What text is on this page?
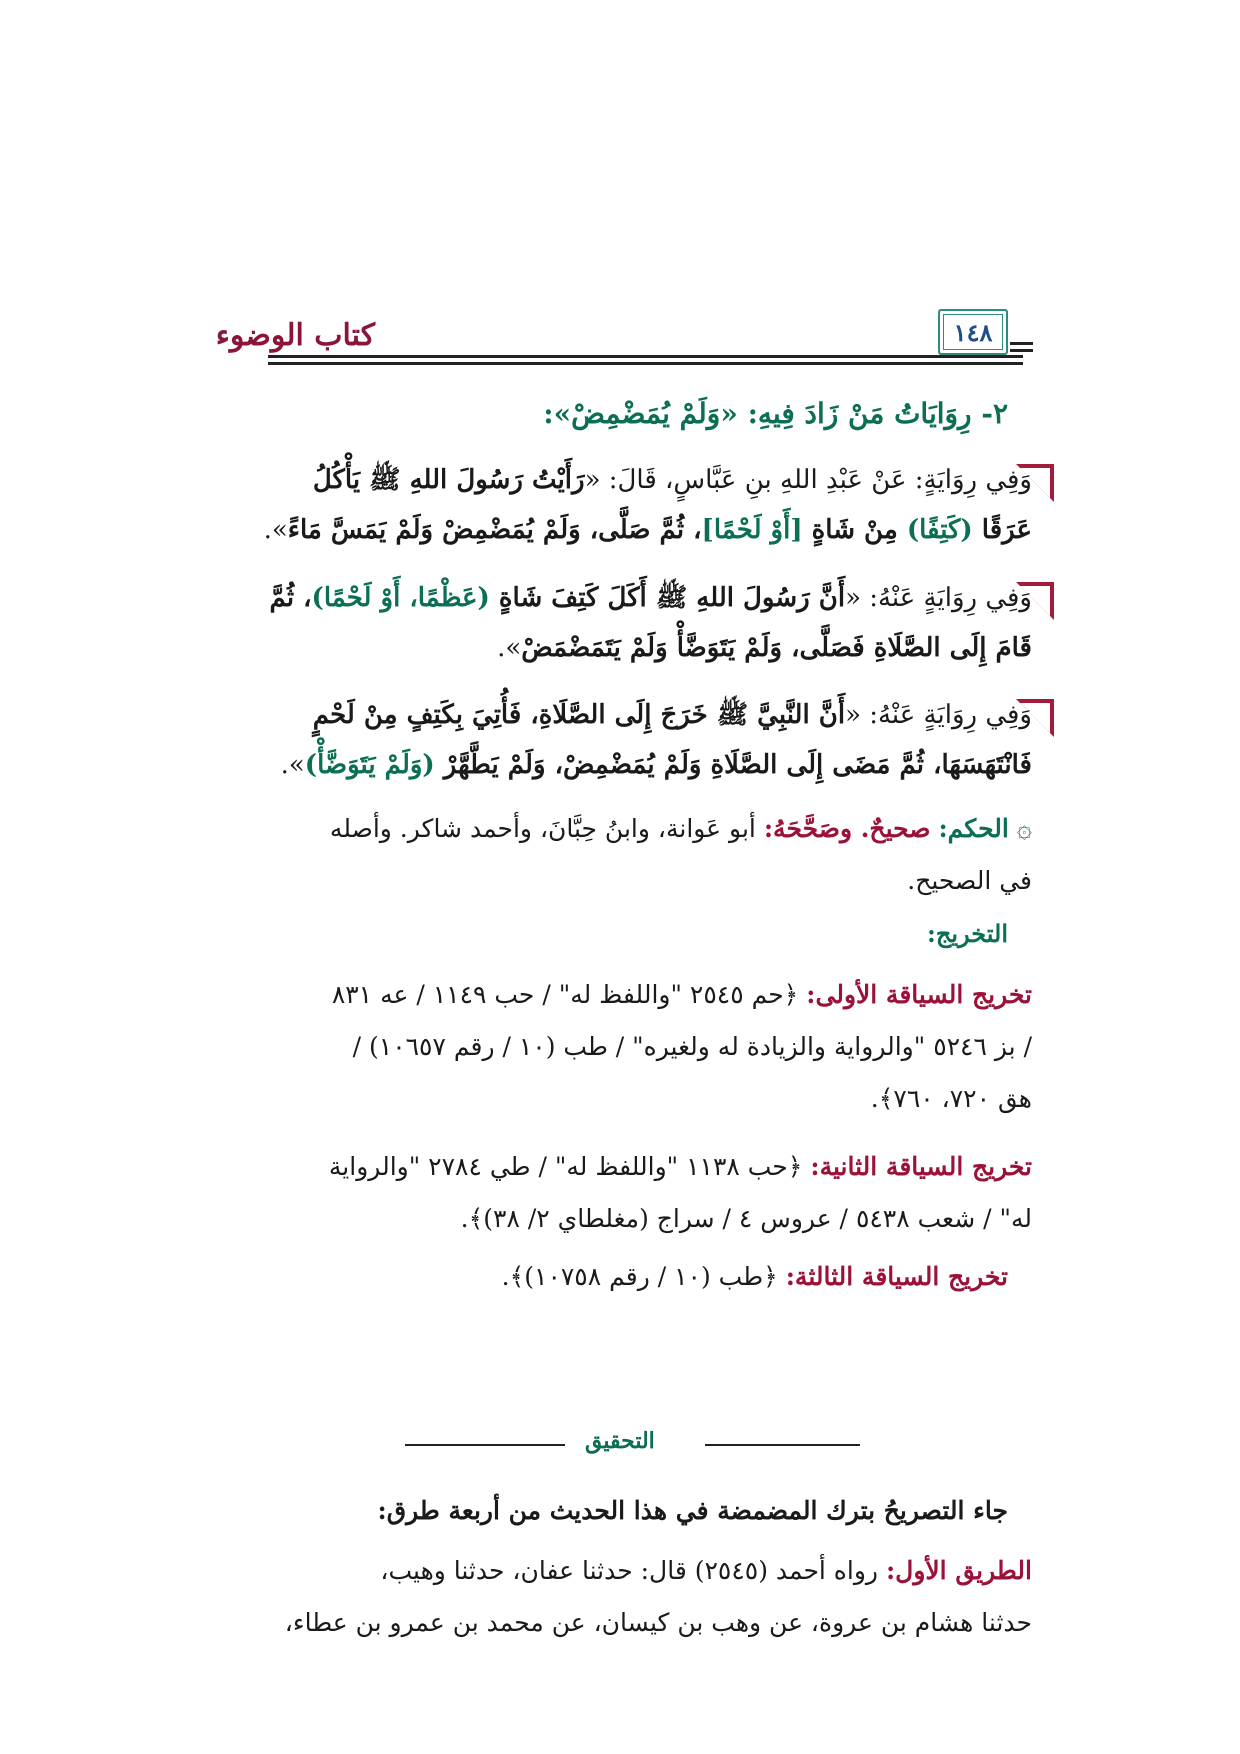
كتاب الوضوء	١٤٨
٢- رِوَايَاتُ مَنْ زَادَ فِيهِ: «وَلَمْ يُمَضْمِضْ»:
وَفِي رِوَايَةٍ: عَنْ عَبْدِ اللهِ بنِ عَبَّاسٍ، قَالَ: «رَأَيْتُ رَسُولَ اللهِ ﷺ يَأْكُلُ
عَرَقًا (كَتِفًا) مِنْ شَاةٍ [أَوْ لَحْمًا]، ثُمَّ صَلَّى، وَلَمْ يُمَضْمِضْ وَلَمْ يَمَسَّ مَاءً».
وَفِي رِوَايَةٍ عَنْهُ: «أَنَّ رَسُولَ اللهِ ﷺ أَكَلَ كَتِفَ شَاةٍ (عَظْمًا، أَوْ لَحْمًا)، ثُمَّ
قَامَ إِلَى الصَّلَاةِ فَصَلَّى، وَلَمْ يَتَوَضَّأْ وَلَمْ يَتَمَضْمَضْ».
وَفِي رِوَايَةٍ عَنْهُ: «أَنَّ النَّبِيَّ ﷺ خَرَجَ إِلَى الصَّلَاةِ، فَأُتِيَ بِكَتِفٍ مِنْ لَحْمٍ
فَانْتَهَسَهَا، ثُمَّ مَضَى إِلَى الصَّلَاةِ وَلَمْ يُمَضْمِضْ، وَلَمْ يَطَّهَّرْ (وَلَمْ يَتَوَضَّأْ)».
۞ الحكم: صحيحٌ. وصَحَّحَهُ: أبو عَوانة، وابنُ حِبَّانَ، وأحمد شاكر. وأصله
في الصحيح.
التخريج:
تخريج السياقة الأولى: ﴿حم ٢٥٤٥ "واللفظ له" / حب ١١٤٩ / عه ٨٣١
/ بز ٥٢٤٦ "والرواية والزيادة له ولغيره" / طب (١٠ / رقم ١٠٦٥٧) /
هق ٧٢٠، ٧٦٠﴾.
تخريج السياقة الثانية: ﴿حب ١١٣٨ "واللفظ له" / طي ٢٧٨٤ "والرواية
له" / شعب ٥٤٣٨ / عروس ٤ / سراج (مغلطاي ٢/ ٣٨)﴾.
تخريج السياقة الثالثة: ﴿طب (١٠ / رقم ١٠٧٥٨)﴾.
التحقيق
جاء التصريحُ بترك المضمضة في هذا الحديث من أربعة طرق:
الطريق الأول: رواه أحمد (٢٥٤٥) قال: حدثنا عفان، حدثنا وهيب،
حدثنا هشام بن عروة، عن وهب بن كيسان، عن محمد بن عمرو بن عطاء،
